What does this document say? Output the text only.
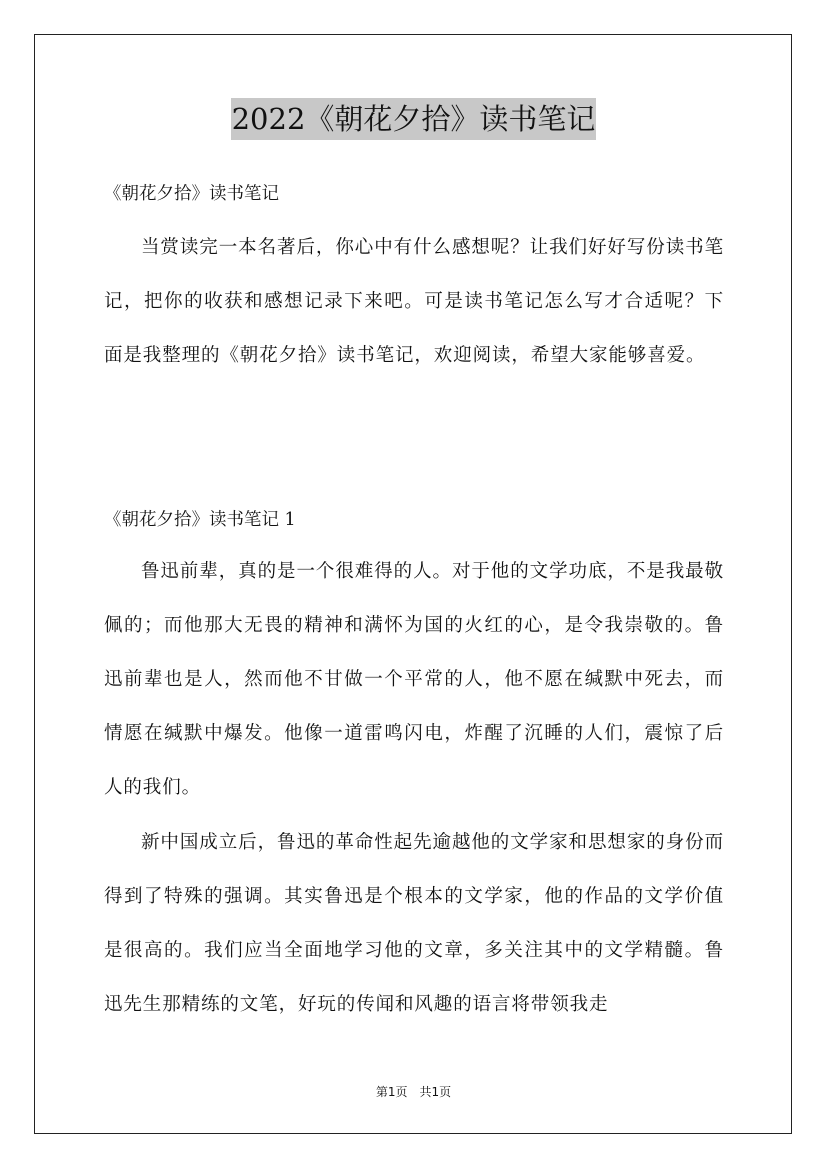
2022《朝花夕拾》读书笔记
《朝花夕拾》读书笔记
当赏读完一本名著后，你心中有什么感想呢？让我们好好写份读书笔记，把你的收获和感想记录下来吧。可是读书笔记怎么写才合适呢？下面是我整理的《朝花夕拾》读书笔记，欢迎阅读，希望大家能够喜爱。
《朝花夕拾》读书笔记 1
鲁迅前辈，真的是一个很难得的人。对于他的文学功底，不是我最敬佩的；而他那大无畏的精神和满怀为国的火红的心，是令我崇敬的。鲁迅前辈也是人，然而他不甘做一个平常的人，他不愿在缄默中死去，而情愿在缄默中爆发。他像一道雷鸣闪电，炸醒了沉睡的人们，震惊了后人的我们。
新中国成立后，鲁迅的革命性起先逾越他的文学家和思想家的身份而得到了特殊的强调。其实鲁迅是个根本的文学家，他的作品的文学价值是很高的。我们应当全面地学习他的文章，多关注其中的文学精髓。鲁迅先生那精练的文笔，好玩的传闻和风趣的语言将带领我走
第1页　共1页
